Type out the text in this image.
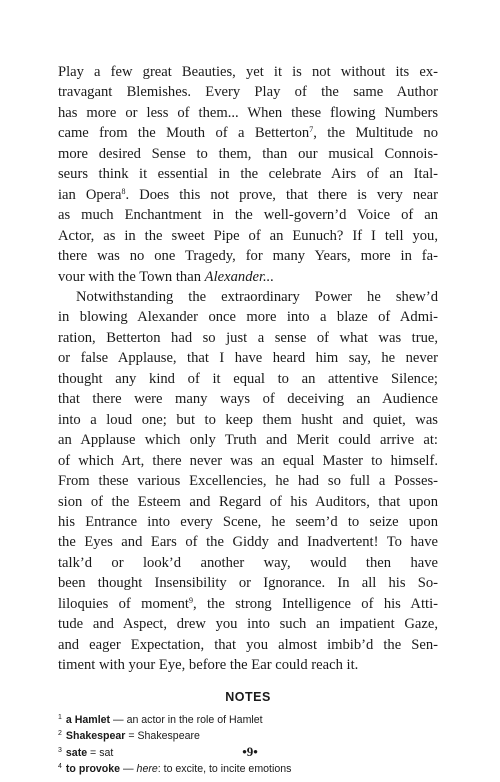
Play a few great Beauties, yet it is not without its ex-
travagant Blemishes. Every Play of the same Author
has more or less of them... When these flowing Numbers
came from the Mouth of a Betterton$^7$, the Multitude no
more desired Sense to them, than our musical Connois-
seurs think it essential in the celebrate Airs of an Ital-
ian Opera$^8$. Does this not prove, that there is very near
as much Enchantment in the well-govern’d Voice of an
Actor, as in the sweet Pipe of an Eunuch? If I tell you,
there was no one Tragedy, for many Years, more in fa-
vour with the Town than Alexander...

Notwithstanding the extraordinary Power he shew’d
in blowing Alexander once more into a blaze of Admi-
ration, Betterton had so just a sense of what was true,
or false Applause, that I have heard him say, he never
thought any kind of it equal to an attentive Silence;
that there were many ways of deceiving an Audience
into a loud one; but to keep them husht and quiet, was
an Applause which only Truth and Merit could arrive at:
of which Art, there never was an equal Master to himself.
From these various Excellencies, he had so full a Posses-
sion of the Esteem and Regard of his Auditors, that upon
his Entrance into every Scene, he seem’d to seize upon
the Eyes and Ears of the Giddy and Inadvertent! To have
talk’d or look’d another way, would then have
been thought Insensibility or Ignorance. In all his So-
liloquies of moment$^9$, the strong Intelligence of his Atti-
tude and Aspect, drew you into such an impatient Gaze,
and eager Expectation, that you almost imbib’d the Sen-
timent with your Eye, before the Ear could reach it.

NOTES
$^1$ a Hamlet — an actor in the role of Hamlet
$^2$ Shakespear = Shakespeare
$^3$ sate = sat
$^4$ to provoke — here: to excite, to incite emotions
•9•
